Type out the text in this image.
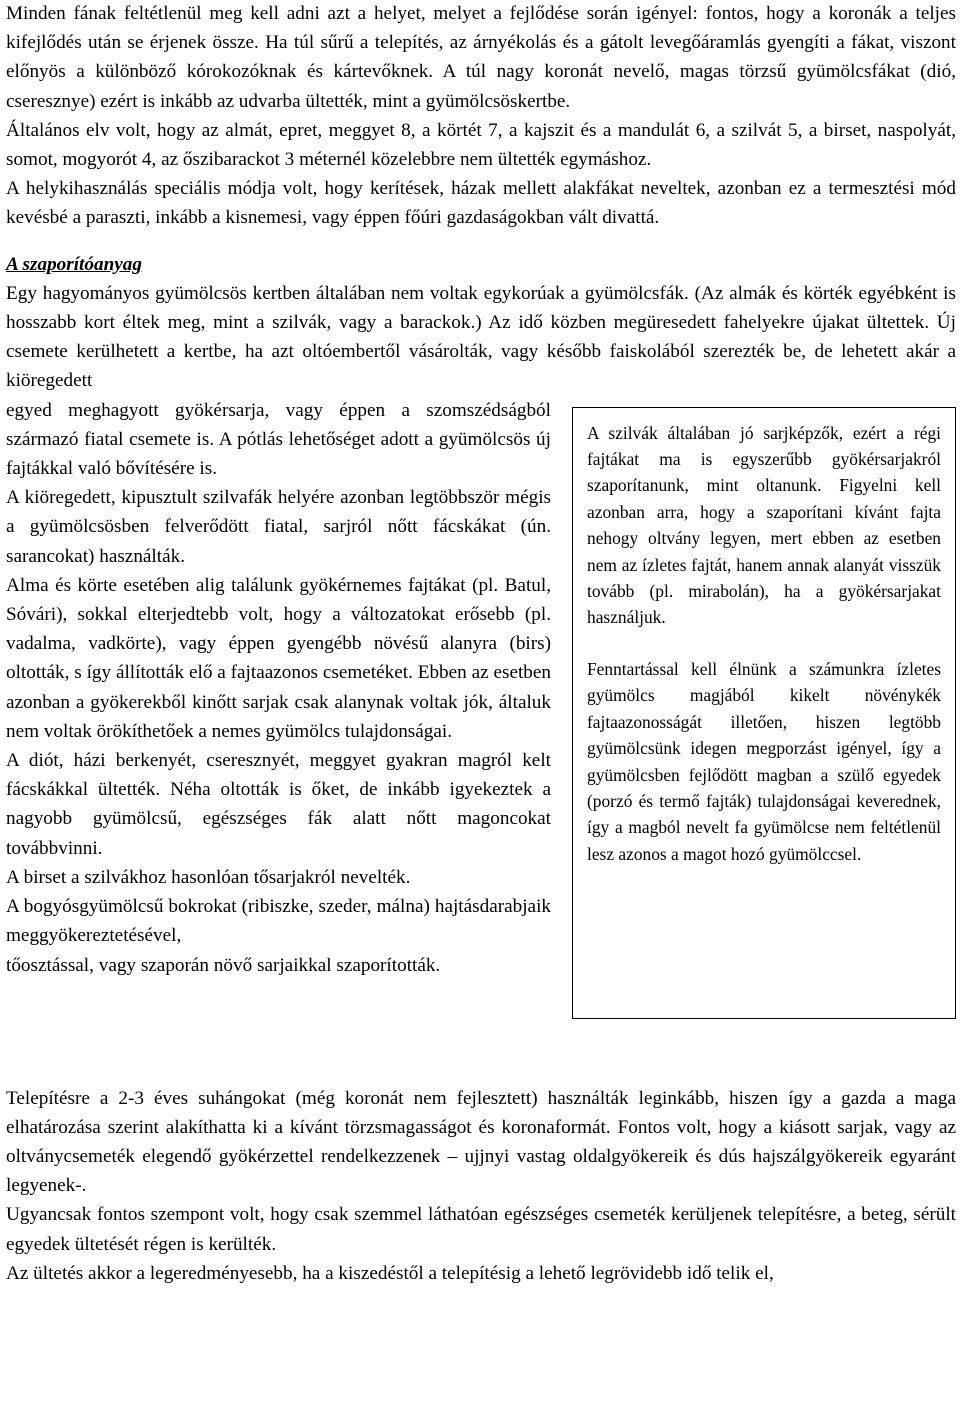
Minden fának feltétlenül meg kell adni azt a helyet, melyet a fejlődése során igényel: fontos, hogy a koronák a teljes kifejlődés után se érjenek össze. Ha túl sűrű a telepítés, az árnyékolás és a gátolt levegőáramlás gyengíti a fákat, viszont előnyös a különböző kórokozóknak és kártevőknek. A túl nagy koronát nevelő, magas törzsű gyümölcsfákat (dió, cseresznye) ezért is inkább az udvarba ültették, mint a gyümölcsöskertbe.

Általános elv volt, hogy az almát, epret, meggyet 8, a körtét 7, a kajszit és a mandulát 6, a szilvát 5, a birset, naspolyát, somot, mogyorót 4, az őszibarackot 3 méternél közelebbre nem ültették egymáshoz.

A helykihasználás speciális módja volt, hogy kerítések, házak mellett alakfákat neveltek, azonban ez a termesztési mód kevésbé a paraszti, inkább a kisnemesi, vagy éppen főúri gazdaságokban vált divattá.

A szaporítóanyag

Egy hagyományos gyümölcsös kertben általában nem voltak egykorúak a gyümölcsfák. (Az almák és körték egyébként is hosszabb kort éltek meg, mint a szilvák, vagy a barackok.) Az idő közben megüresedett fahelyekre újakat ültettek. Új csemete kerülhetett a kertbe, ha azt oltóembertől vásárolták, vagy később faiskolából szerezték be, de lehetett akár a kiöregedett

egyed meghagyott gyökérsarja, vagy éppen a szomszédságból származó fiatal csemete is. A pótlás lehetőséget adott a gyümölcsös új fajtákkal való bővítésére is.

A kiöregedett, kipusztult szilvafák helyére azonban legtöbbször mégis a gyümölcsösben felverődött fiatal, sarjról nőtt fácskákat (ún. sarancokat) használták.

Alma és körte esetében alig találunk gyökérnemes fajtákat (pl. Batul, Sóvári), sokkal elterjedtebb volt, hogy a változatokat erősebb (pl. vadalma, vadkörte), vagy éppen gyengébb növésű alanyra (birs) oltották, s így állították elő a fajtaazonos csemetéket. Ebben az esetben azonban a gyökerekből kinőtt sarjak csak alanynak voltak jók, általuk nem voltak örökíthetőek a nemes gyümölcs tulajdonságai.

A diót, házi berkenyét, cseresznyét, meggyet gyakran magról kelt fácskákkal ültették. Néha oltották is őket, de inkább igyekeztek a nagyobb gyümölcsű, egészséges fák alatt nőtt magoncokat továbbvinni.

A birset a szilvákhoz hasonlóan tősarjakról nevelték.

A bogyósgyümölcsű bokrokat (ribiszke, szeder, málna) hajtásdarabjaik meggyökereztetésével,

tőosztással, vagy szaporán növő sarjaikkal szaporították.

A szilvák általában jó sarjképzők, ezért a régi fajtákat ma is egyszerűbb gyökérsarjakról szaporítanunk, mint oltanunk. Figyelni kell azonban arra, hogy a szaporítani kívánt fajta nehogy oltvány legyen, mert ebben az esetben nem az ízletes fajtát, hanem annak alanyát visszük tovább (pl. mirabolán), ha a gyökérsarjakat használjuk.

Fenntartással kell élnünk a számunkra ízletes gyümölcs magjából kikelt növénykék fajtaazonosságát illetően, hiszen legtöbb gyümölcsünk idegen megporzást igényel, így a gyümölcsben fejlődött magban a szülő egyedek (porzó és termő fajták) tulajdonságai keverednek, így a magból nevelt fa gyümölcse nem feltétlenül lesz azonos a magot hozó gyümölccsel.

Telepítésre a 2-3 éves suhángokat (még koronát nem fejlesztett) használták leginkább, hiszen így a gazda a maga elhatározása szerint alakíthatta ki a kívánt törzsmagasságot és koronaformát. Fontos volt, hogy a kiásott sarjak, vagy az oltványcsemeték elegendő gyökérzettel rendelkezzenek – ujjnyi vastag oldalgyökereik és dús hajszálgyökereik egyaránt legyenek-.

Ugyancsak fontos szempont volt, hogy csak szemmel láthatóan egészséges csemeték kerüljenek telepítésre, a beteg, sérült egyedek ültetését régen is kerülték.

Az ültetés akkor a legeredményesebb, ha a kiszedéstől a telepítésig a lehető legrövidebb idő telik el,
